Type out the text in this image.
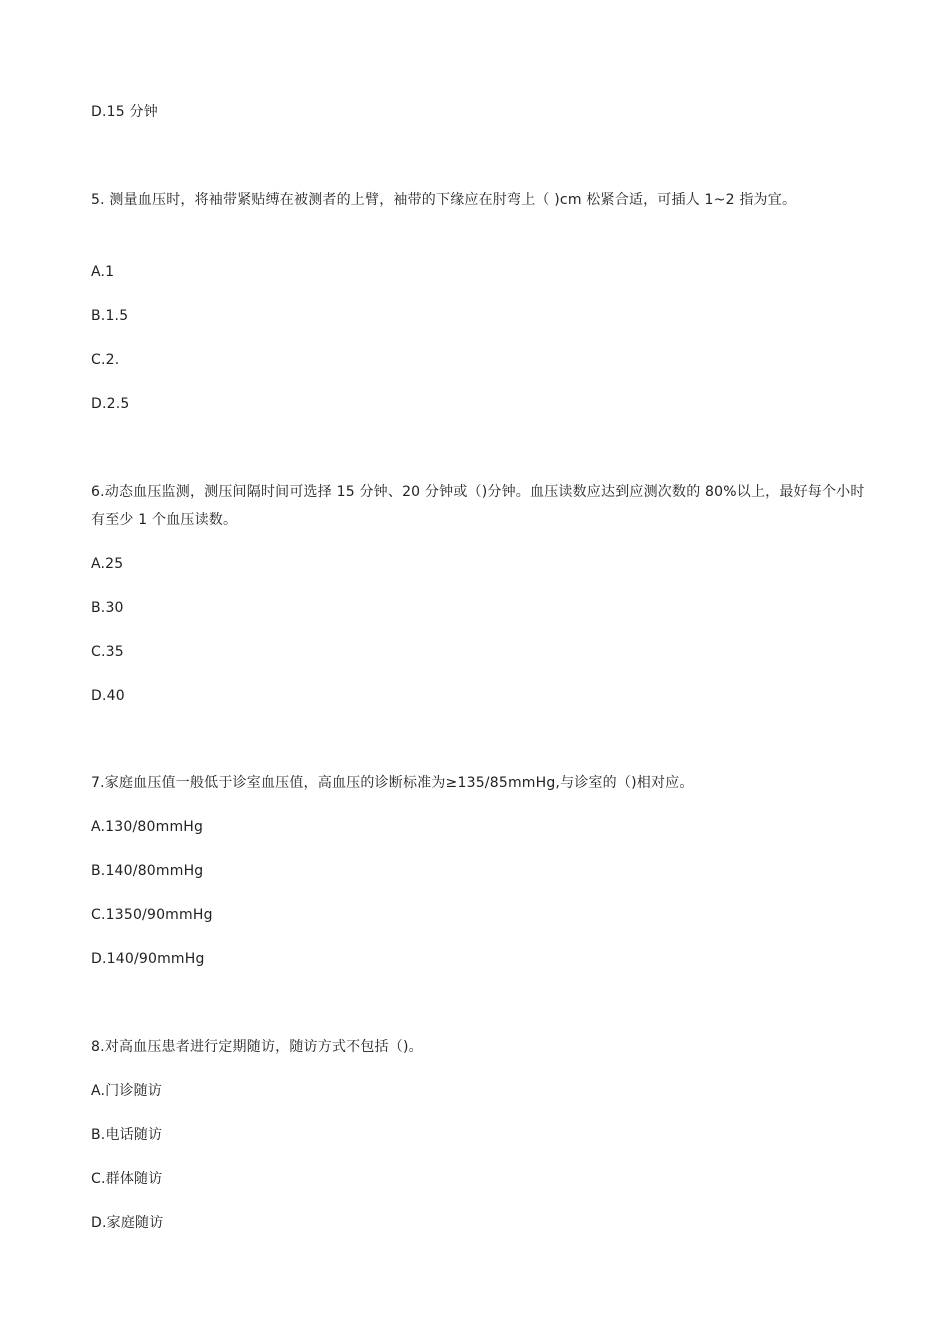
D.15 分钟
5. 测量血压时，将袖带紧贴缚在被测者的上臂，袖带的下缘应在肘弯上（ )cm 松紧合适，可插人 1~2 指为宜。
A.1
B.1.5
C.2.
D.2.5
6.动态血压监测，测压间隔时间可选择 15 分钟、20 分钟或（)分钟。血压读数应达到应测次数的 80%以上，最好每个小时有至少 1 个血压读数。
A.25
B.30
C.35
D.40
7.家庭血压值一般低于诊室血压值，高血压的诊断标准为≥135/85mmHg,与诊室的（)相对应。
A.130/80mmHg
B.140/80mmHg
C.1350/90mmHg
D.140/90mmHg
8.对高血压患者进行定期随访，随访方式不包括（)。
A.门诊随访
B.电话随访
C.群体随访
D.家庭随访
